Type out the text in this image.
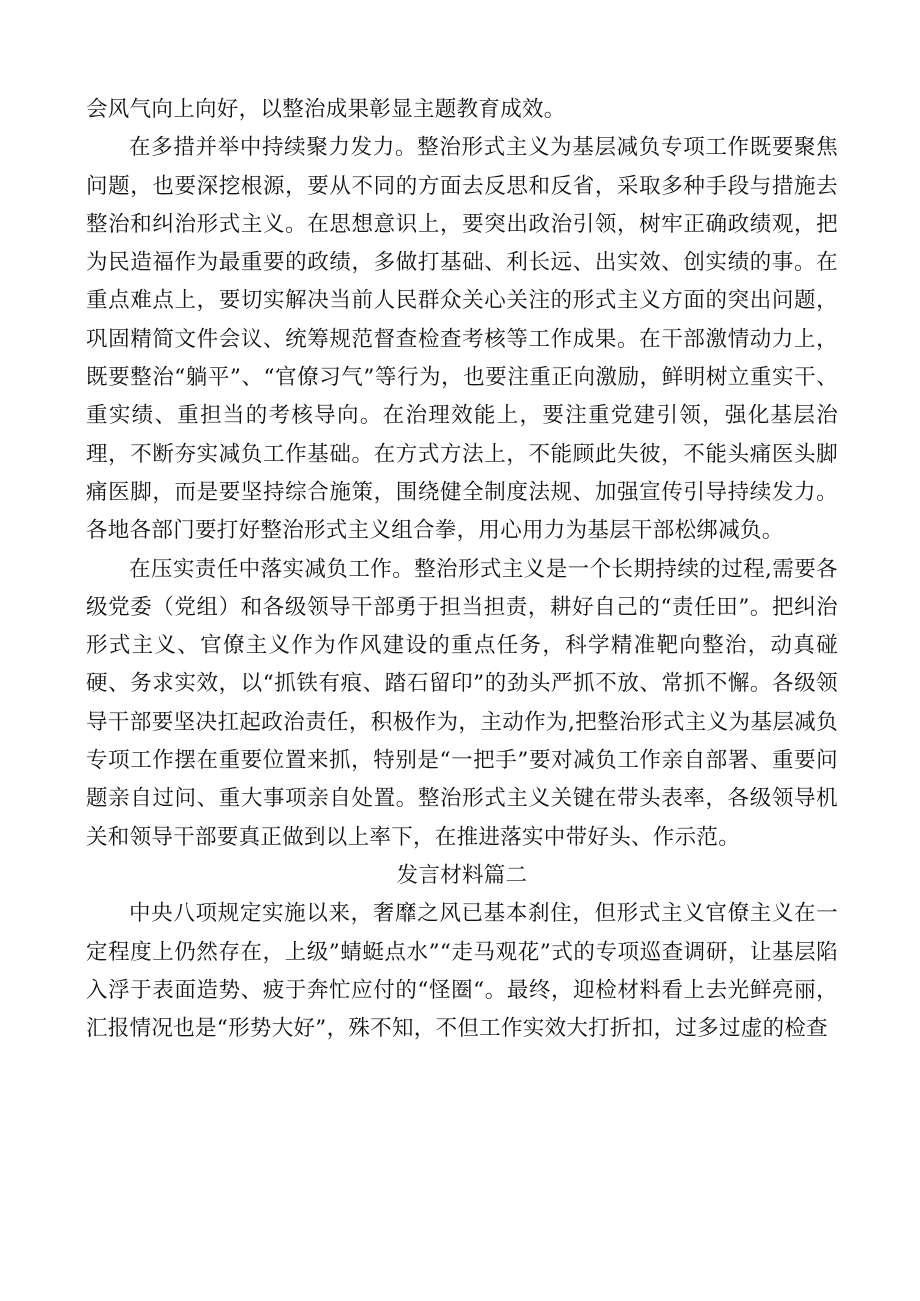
会风气向上向好，以整治成果彰显主题教育成效。

在多措并举中持续聚力发力。整治形式主义为基层减负专项工作既要聚焦问题，也要深挖根源，要从不同的方面去反思和反省，采取多种手段与措施去整治和纠治形式主义。在思想意识上，要突出政治引领，树牢正确政绩观，把为民造福作为最重要的政绩，多做打基础、利长远、出实效、创实绩的事。在重点难点上，要切实解决当前人民群众关心关注的形式主义方面的突出问题，巩固精简文件会议、统筹规范督查检查考核等工作成果。在干部激情动力上，既要整治“躺平”、“官僚习气”等行为，也要注重正向激励，鲜明树立重实干、重实绩、重担当的考核导向。在治理效能上，要注重党建引领，强化基层治理，不断夯实减负工作基础。在方式方法上，不能顾此失彼，不能头痛医头脚痛医脚，而是要坚持综合施策，围绕健全制度法规、加强宣传引导持续发力。各地各部门要打好整治形式主义组合拳，用心用力为基层干部松绑减负。

在压实责任中落实减负工作。整治形式主义是一个长期持续的过程,需要各级党委（党组）和各级领导干部勇于担当担责，耕好自己的“责任田”。把纠治形式主义、官僚主义作为作风建设的重点任务，科学精准靶向整治，动真碰硬、务求实效，以“抓铁有痕、踏石留印”的劲头严抓不放、常抓不懈。各级领导干部要坚决扛起政治责任，积极作为，主动作为,把整治形式主义为基层减负专项工作摆在重要位置来抓，特别是“一把手”要对减负工作亲自部署、重要问题亲自过问、重大事项亲自处置。整治形式主义关键在带头表率，各级领导机关和领导干部要真正做到以上率下，在推进落实中带好头、作示范。

发言材料篇二

中央八项规定实施以来，奢靡之风已基本刹住，但形式主义官僚主义在一定程度上仍然存在，上级”蜻蜓点水”“走马观花”式的专项巡查调研，让基层陷入浮于表面造势、疲于奔忙应付的“怪圈“。最终，迎检材料看上去光鲜亮丽，汇报情况也是“形势大好”，殊不知，不但工作实效大打折扣，过多过虚的检查
